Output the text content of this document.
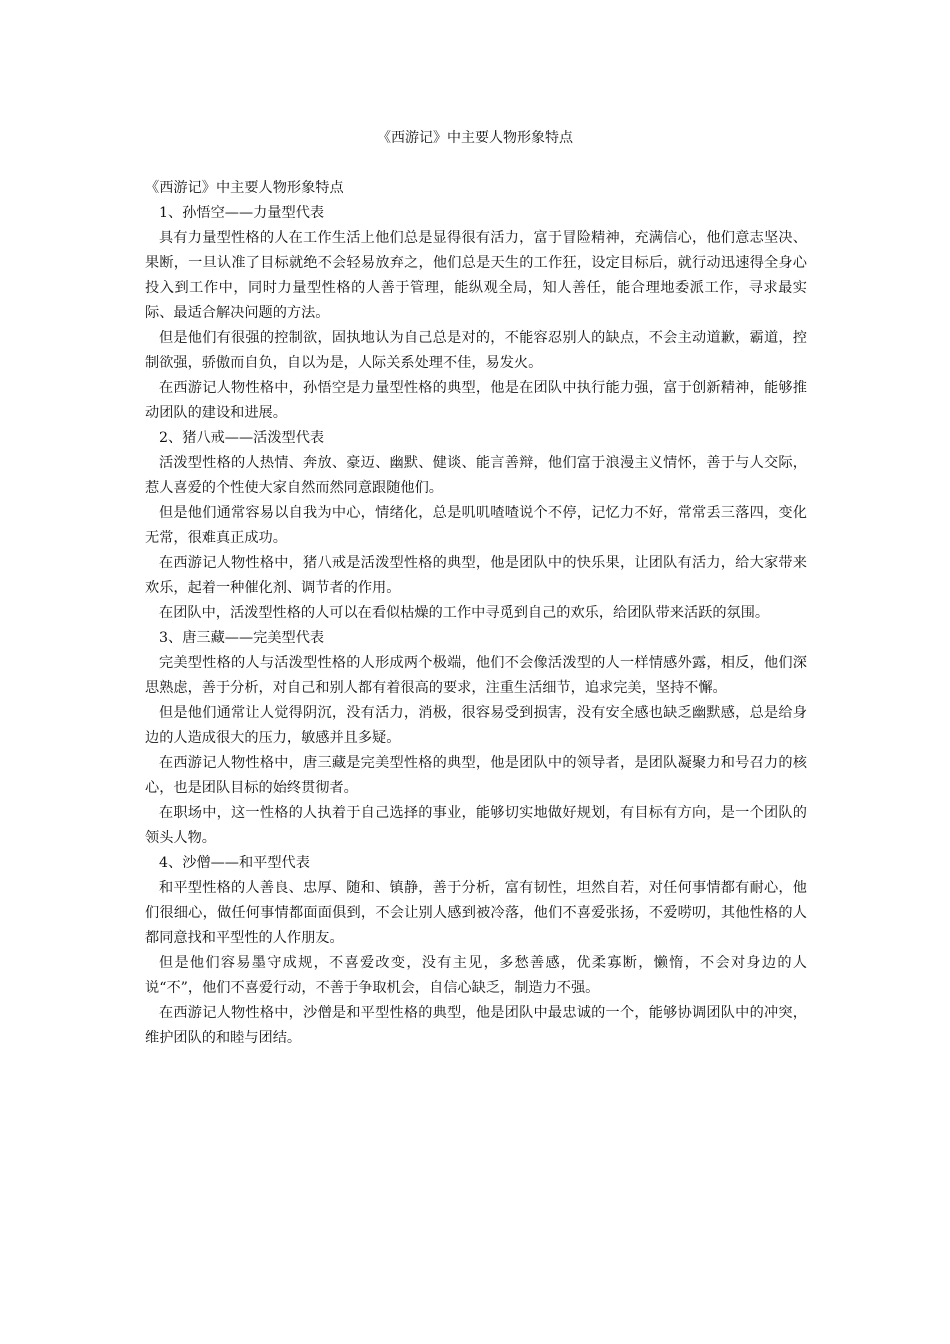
《西游记》中主要人物形象特点

《西游记》中主要人物形象特点

1、孙悟空——力量型代表

具有力量型性格的人在工作生活上他们总是显得很有活力，富于冒险精神，充满信心，他们意志坚决、果断，一旦认准了目标就绝不会轻易放弃之，他们总是天生的工作狂，设定目标后，就行动迅速得全身心投入到工作中，同时力量型性格的人善于管理，能纵观全局，知人善任，能合理地委派工作，寻求最实际、最适合解决问题的方法。

但是他们有很强的控制欲，固执地认为自己总是对的，不能容忍别人的缺点，不会主动道歉，霸道，控制欲强，骄傲而自负，自以为是，人际关系处理不佳，易发火。

在西游记人物性格中，孙悟空是力量型性格的典型，他是在团队中执行能力强，富于创新精神，能够推动团队的建设和进展。

2、猪八戒——活泼型代表

活泼型性格的人热情、奔放、豪迈、幽默、健谈、能言善辩，他们富于浪漫主义情怀，善于与人交际，惹人喜爱的个性使大家自然而然同意跟随他们。

但是他们通常容易以自我为中心，情绪化，总是叽叽喳喳说个不停，记忆力不好，常常丢三落四，变化无常，很难真正成功。

在西游记人物性格中，猪八戒是活泼型性格的典型，他是团队中的快乐果，让团队有活力，给大家带来欢乐，起着一种催化剂、调节者的作用。

在团队中，活泼型性格的人可以在看似枯燥的工作中寻觅到自己的欢乐，给团队带来活跃的氛围。

3、唐三藏——完美型代表

完美型性格的人与活泼型性格的人形成两个极端，他们不会像活泼型的人一样情感外露，相反，他们深思熟虑，善于分析，对自己和别人都有着很高的要求，注重生活细节，追求完美，坚持不懈。

但是他们通常让人觉得阴沉，没有活力，消极，很容易受到损害，没有安全感也缺乏幽默感，总是给身边的人造成很大的压力，敏感并且多疑。

在西游记人物性格中，唐三藏是完美型性格的典型，他是团队中的领导者，是团队凝聚力和号召力的核心，也是团队目标的始终贯彻者。

在职场中，这一性格的人执着于自己选择的事业，能够切实地做好规划，有目标有方向，是一个团队的领头人物。

4、沙僧——和平型代表

和平型性格的人善良、忠厚、随和、镇静，善于分析，富有韧性，坦然自若，对任何事情都有耐心，他们很细心，做任何事情都面面俱到，不会让别人感到被冷落，他们不喜爱张扬，不爱唠叨，其他性格的人都同意找和平型性的人作朋友。

但是他们容易墨守成规，不喜爱改变，没有主见，多愁善感，优柔寡断，懒惰，不会对身边的人说“不”，他们不喜爱行动，不善于争取机会，自信心缺乏，制造力不强。

在西游记人物性格中，沙僧是和平型性格的典型，他是团队中最忠诚的一个，能够协调团队中的冲突，维护团队的和睦与团结。
